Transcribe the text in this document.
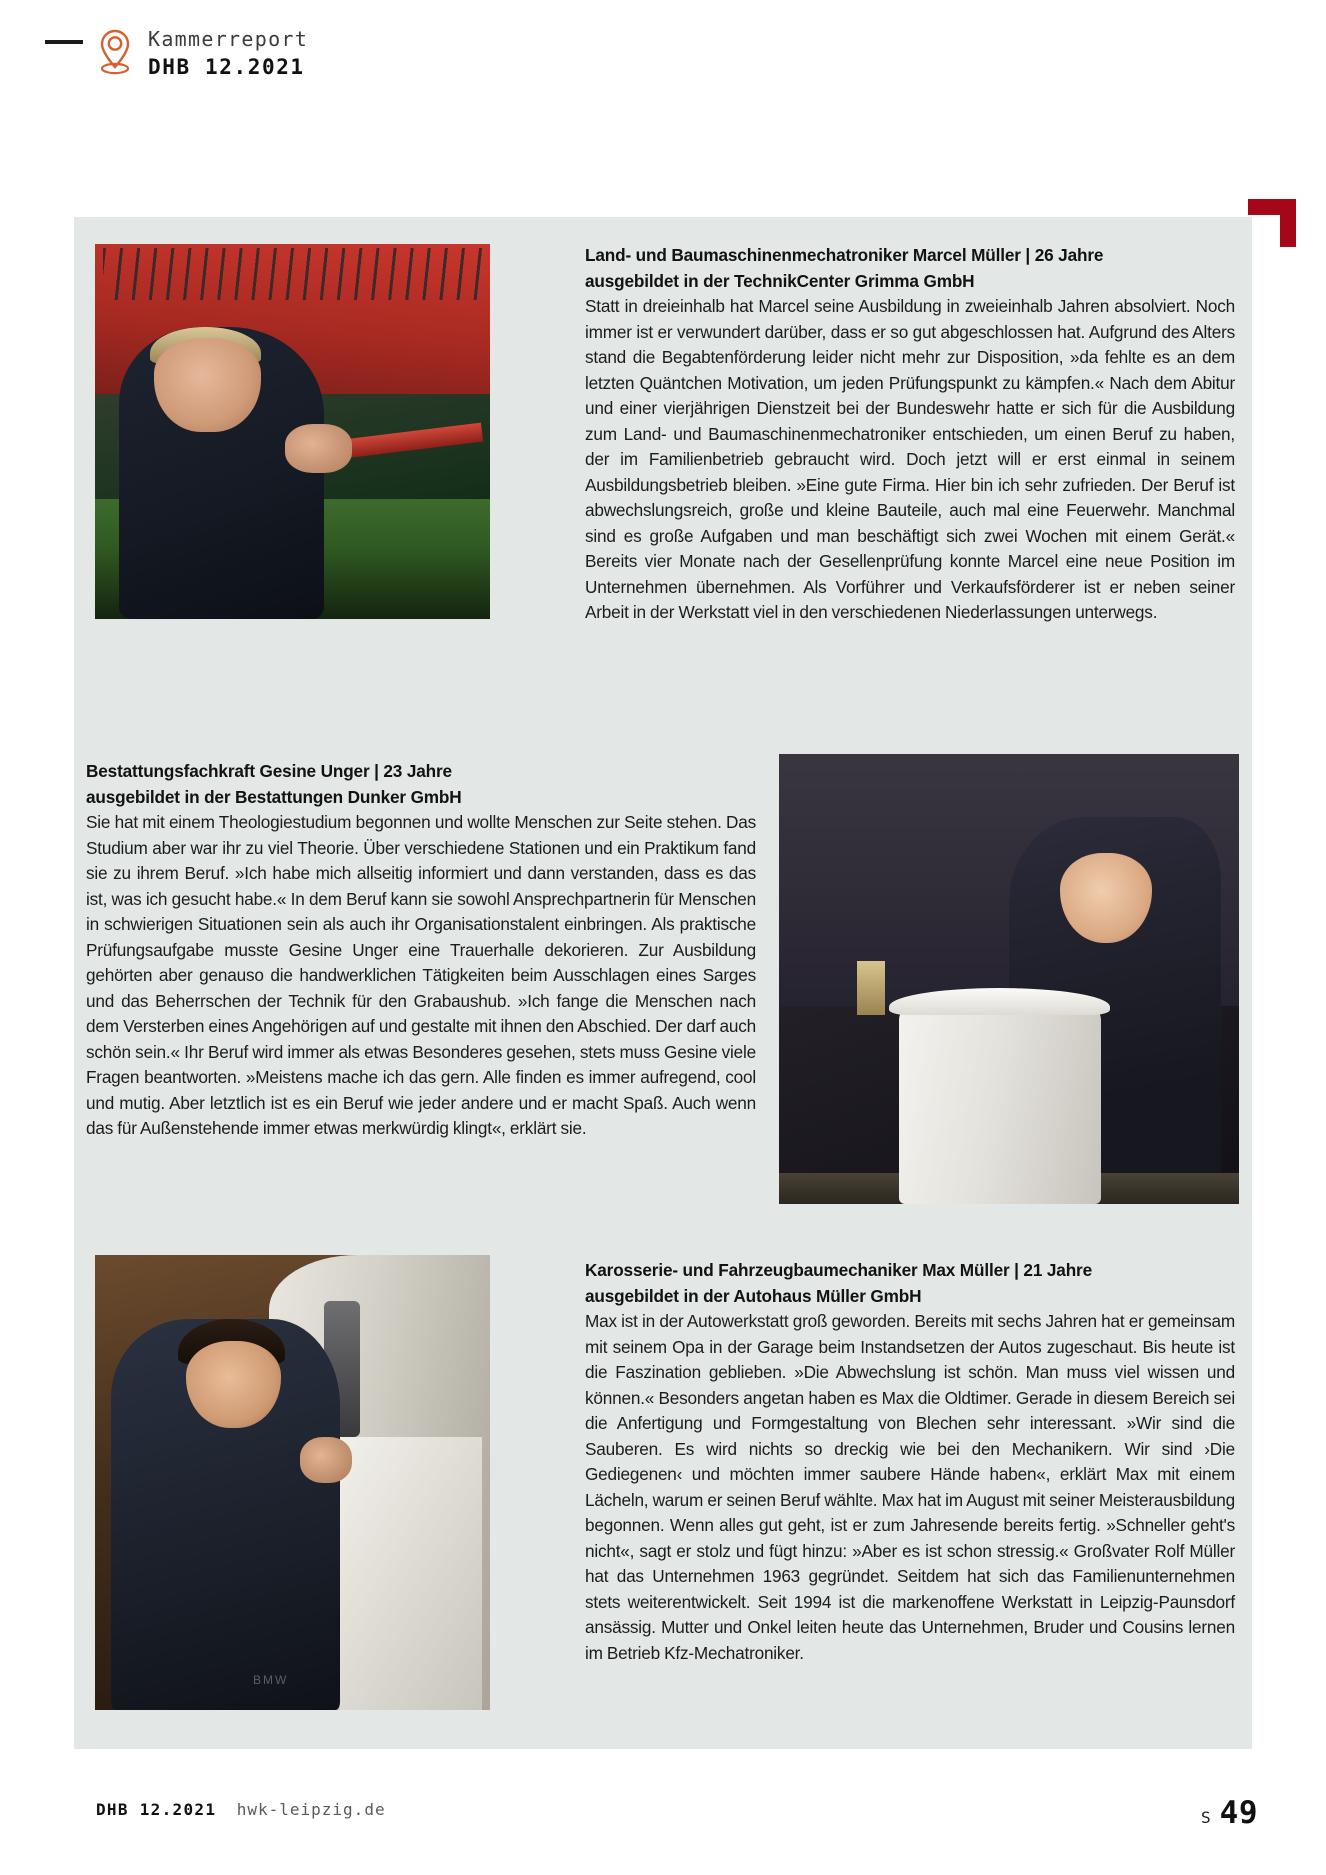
Kammerreport
DHB 12.2021
Land- und Baumaschinenmechatroniker Marcel Müller | 26 Jahre
ausgebildet in der TechnikCenter Grimma GmbH

Statt in dreieinhalb hat Marcel seine Ausbildung in zweieinhalb Jahren absolviert. Noch immer ist er verwundert darüber, dass er so gut abgeschlossen hat. Aufgrund des Alters stand die Begabtenförderung leider nicht mehr zur Disposition, »da fehlte es an dem letzten Quäntchen Motivation, um jeden Prüfungspunkt zu kämpfen.« Nach dem Abitur und einer vierjährigen Dienstzeit bei der Bundeswehr hatte er sich für die Ausbildung zum Land- und Baumaschinenmechatroniker entschieden, um einen Beruf zu haben, der im Familienbetrieb gebraucht wird. Doch jetzt will er erst einmal in seinem Ausbildungsbetrieb bleiben. »Eine gute Firma. Hier bin ich sehr zufrieden. Der Beruf ist abwechslungsreich, große und kleine Bauteile, auch mal eine Feuerwehr. Manchmal sind es große Aufgaben und man beschäftigt sich zwei Wochen mit einem Gerät.« Bereits vier Monate nach der Gesellenprüfung konnte Marcel eine neue Position im Unternehmen übernehmen. Als Vorführer und Verkaufsförderer ist er neben seiner Arbeit in der Werkstatt viel in den verschiedenen Niederlassungen unterwegs.

Bestattungsfachkraft Gesine Unger | 23 Jahre
ausgebildet in der Bestattungen Dunker GmbH

Sie hat mit einem Theologiestudium begonnen und wollte Menschen zur Seite stehen. Das Studium aber war ihr zu viel Theorie. Über verschiedene Stationen und ein Praktikum fand sie zu ihrem Beruf. »Ich habe mich allseitig informiert und dann verstanden, dass es das ist, was ich gesucht habe.« In dem Beruf kann sie sowohl Ansprechpartnerin für Menschen in schwierigen Situationen sein als auch ihr Organisationstalent einbringen. Als praktische Prüfungsaufgabe musste Gesine Unger eine Trauerhalle dekorieren. Zur Ausbildung gehörten aber genauso die handwerklichen Tätigkeiten beim Ausschlagen eines Sarges und das Beherrschen der Technik für den Grabaushub. »Ich fange die Menschen nach dem Versterben eines Angehörigen auf und gestalte mit ihnen den Abschied. Der darf auch schön sein.« Ihr Beruf wird immer als etwas Besonderes gesehen, stets muss Gesine viele Fragen beantworten. »Meistens mache ich das gern. Alle finden es immer aufregend, cool und mutig. Aber letztlich ist es ein Beruf wie jeder andere und er macht Spaß. Auch wenn das für Außenstehende immer etwas merkwürdig klingt«, erklärt sie.

BMW
Karosserie- und Fahrzeugbaumechaniker Max Müller | 21 Jahre
ausgebildet in der Autohaus Müller GmbH

Max ist in der Autowerkstatt groß geworden. Bereits mit sechs Jahren hat er gemeinsam mit seinem Opa in der Garage beim Instandsetzen der Autos zugeschaut. Bis heute ist die Faszination geblieben. »Die Abwechslung ist schön. Man muss viel wissen und können.« Besonders angetan haben es Max die Oldtimer. Gerade in diesem Bereich sei die Anfertigung und Formgestaltung von Blechen sehr interessant. »Wir sind die Sauberen. Es wird nichts so dreckig wie bei den Mechanikern. Wir sind ›Die Gediegenen‹ und möchten immer saubere Hände haben«, erklärt Max mit einem Lächeln, warum er seinen Beruf wählte. Max hat im August mit seiner Meisterausbildung begonnen. Wenn alles gut geht, ist er zum Jahresende bereits fertig. »Schneller geht's nicht«, sagt er stolz und fügt hinzu: »Aber es ist schon stressig.« Großvater Rolf Müller hat das Unternehmen 1963 gegründet. Seitdem hat sich das Familienunternehmen stets weiterentwickelt. Seit 1994 ist die markenoffene Werkstatt in Leipzig-Paunsdorf ansässig. Mutter und Onkel leiten heute das Unternehmen, Bruder und Cousins lernen im Betrieb Kfz-Mechatroniker.

DHB 12.2021 hwk-leipzig.de	S 49
